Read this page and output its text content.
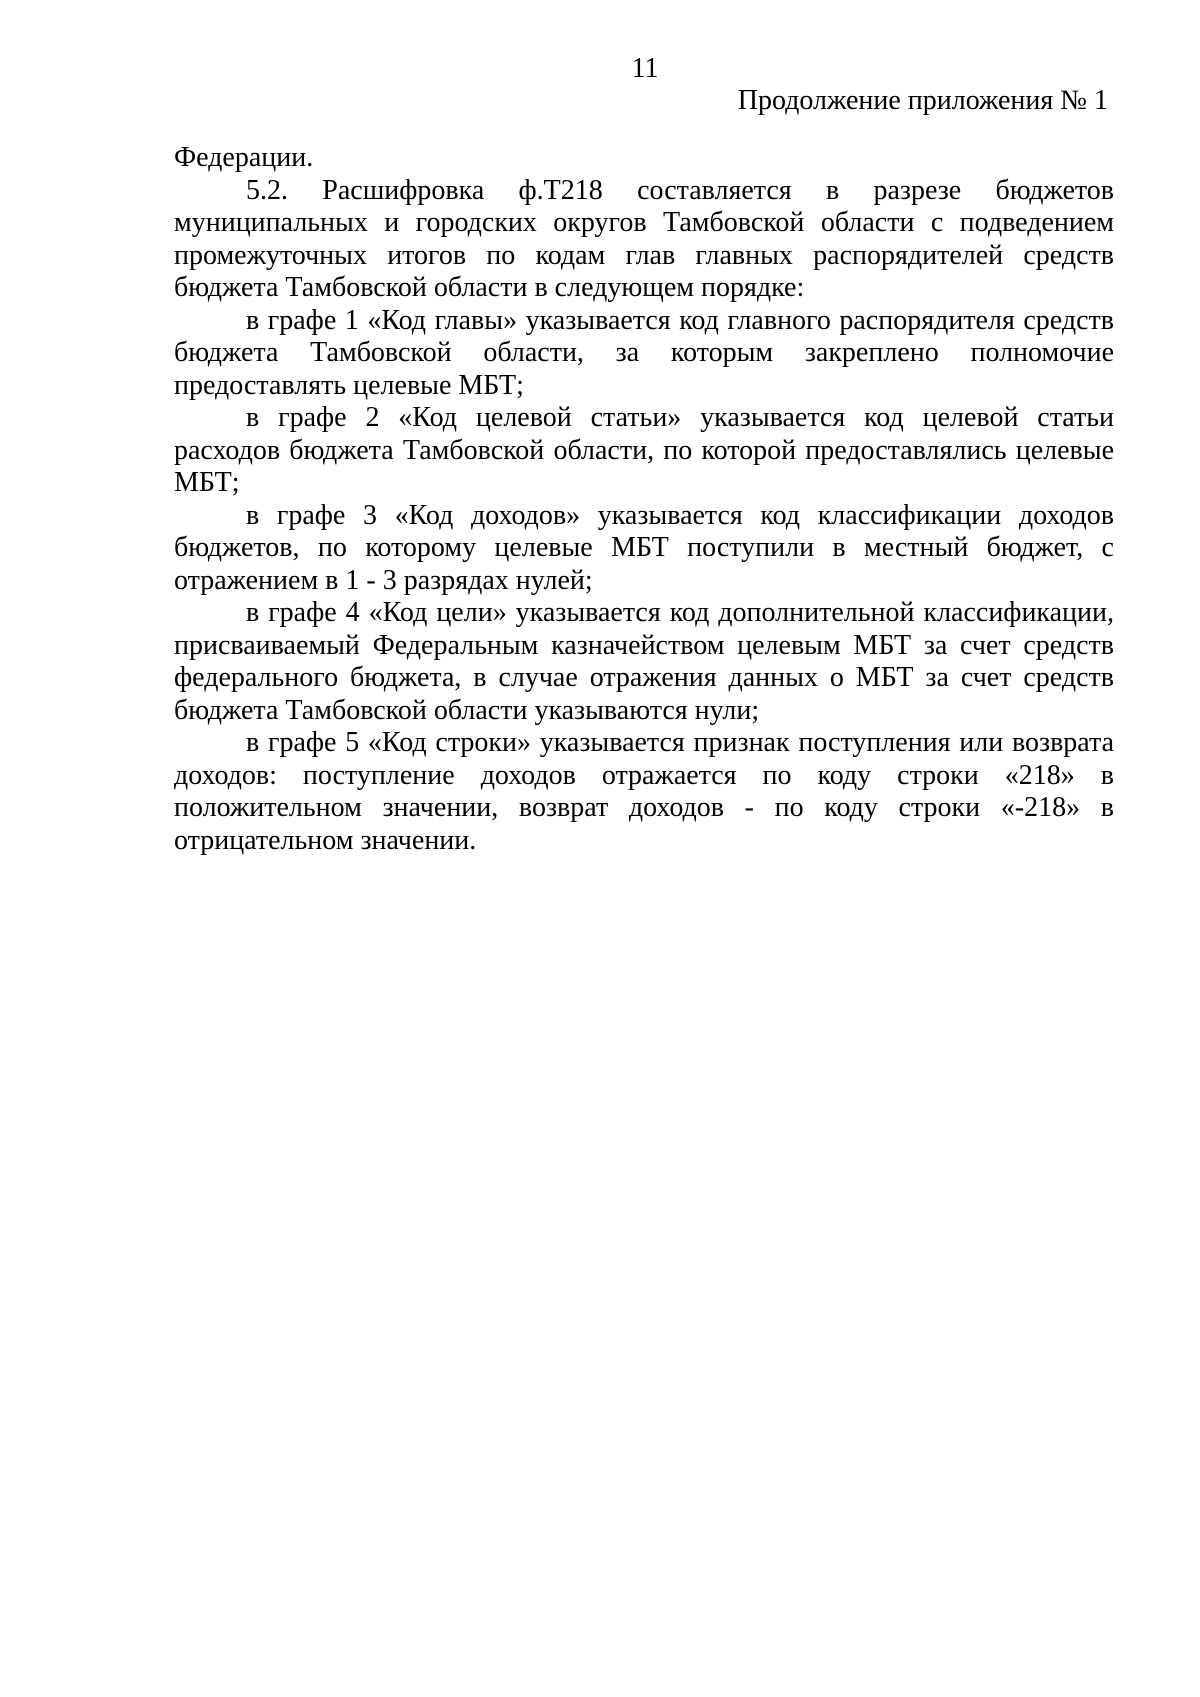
11
Продолжение приложения № 1

Федерации.

5.2. Расшифровка ф.Т218 составляется в разрезе бюджетов муниципальных и городских округов Тамбовской области с подведением промежуточных итогов по кодам глав главных распорядителей средств бюджета Тамбовской области в следующем порядке:

в графе 1 «Код главы» указывается код главного распорядителя средств бюджета Тамбовской области, за которым закреплено полномочие предоставлять целевые МБТ;

в графе 2 «Код целевой статьи» указывается код целевой статьи расходов бюджета Тамбовской области, по которой предоставлялись целевые МБТ;

в графе 3 «Код доходов» указывается код классификации доходов бюджетов, по которому целевые МБТ поступили в местный бюджет, с отражением в 1 - 3 разрядах нулей;

в графе 4 «Код цели» указывается код дополнительной классификации, присваиваемый Федеральным казначейством целевым МБТ за счет средств федерального бюджета, в случае отражения данных о МБТ за счет средств бюджета Тамбовской области указываются нули;

в графе 5 «Код строки» указывается признак поступления или возврата доходов: поступление доходов отражается по коду строки «218» в положительном значении, возврат доходов - по коду строки «-218» в отрицательном значении.
